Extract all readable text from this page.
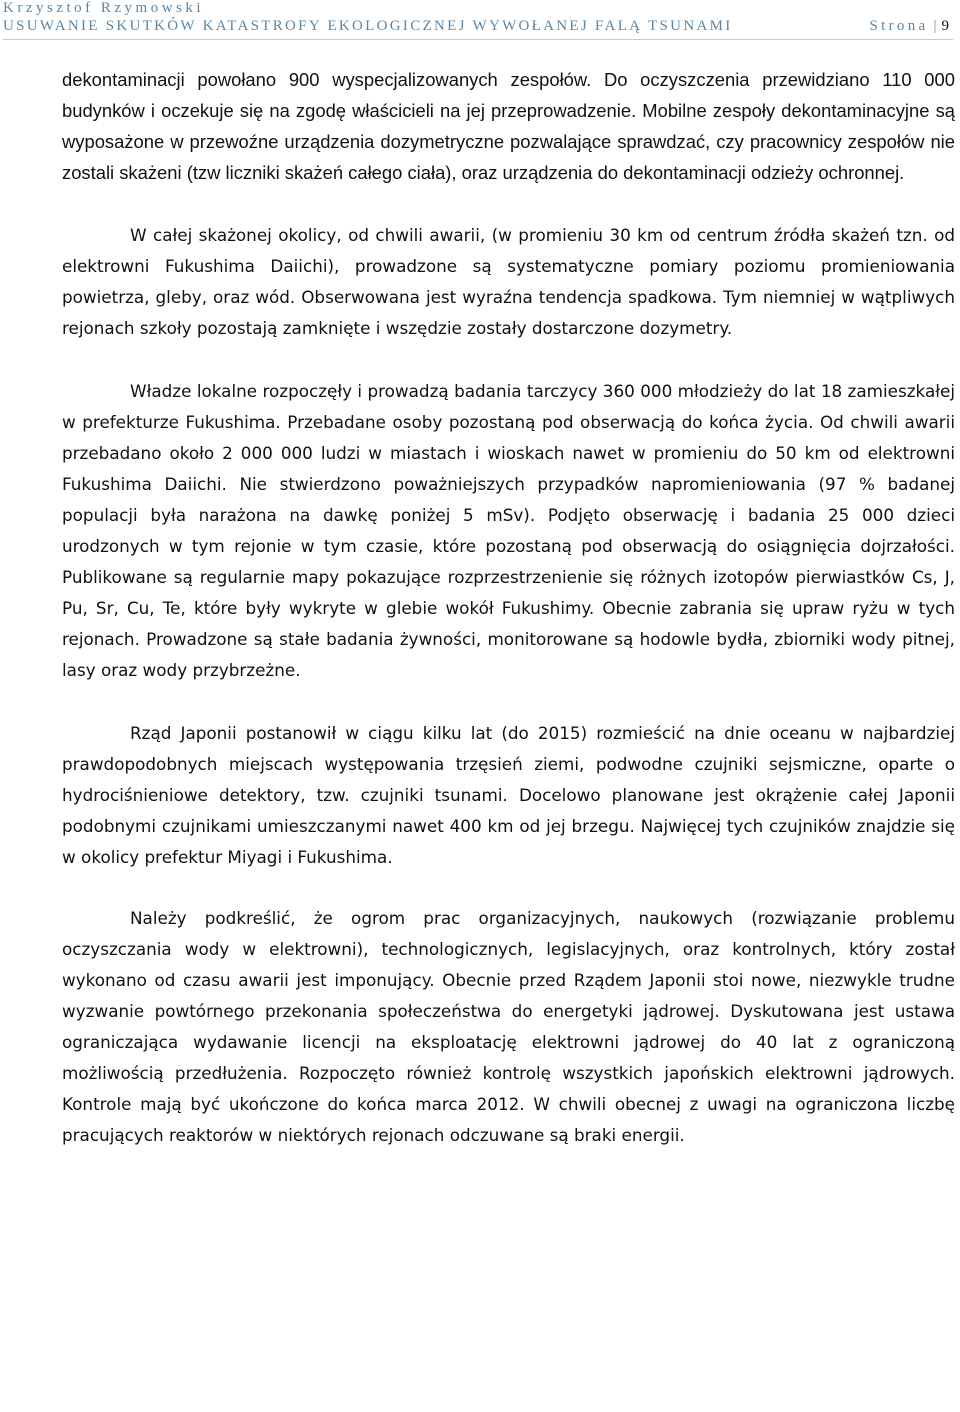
Krzysztof Rzymowski
USUWANIE SKUTKÓW KATASTROFY EKOLOGICZNEJ WYWOŁANEJ FALĄ TSUNAMI	Strona | 9

dekontaminacji powołano 900 wyspecjalizowanych zespołów. Do oczyszczenia przewidziano 110 000 budynków i oczekuje się na zgodę właścicieli na jej przeprowadzenie. Mobilne zespoły dekontaminacyjne są wyposażone w przewoźne urządzenia dozymetryczne pozwalające sprawdzać, czy pracownicy zespołów nie zostali skażeni (tzw liczniki skażeń całego ciała), oraz urządzenia do dekontaminacji odzieży ochronnej.

W całej skażonej okolicy, od chwili awarii, (w promieniu 30 km od centrum źródła skażeń tzn. od elektrowni Fukushima Daiichi), prowadzone są systematyczne pomiary poziomu promieniowania powietrza, gleby, oraz wód. Obserwowana jest wyraźna tendencja spadkowa. Tym niemniej w wątpliwych rejonach szkoły pozostają zamknięte i wszędzie zostały dostarczone dozymetry.

Władze lokalne rozpoczęły i prowadzą badania tarczycy 360 000 młodzieży do lat 18 zamieszkałej w prefekturze Fukushima. Przebadane osoby pozostaną pod obserwacją do końca życia. Od chwili awarii przebadano około 2 000 000 ludzi w miastach i wioskach nawet w promieniu do 50 km od elektrowni Fukushima Daiichi. Nie stwierdzono poważniejszych przypadków napromieniowania (97 % badanej populacji była narażona na dawkę poniżej 5 mSv). Podjęto obserwację i badania 25 000 dzieci urodzonych w tym rejonie w tym czasie, które pozostaną pod obserwacją do osiągnięcia dojrzałości. Publikowane są regularnie mapy pokazujące rozprzestrzenienie się różnych izotopów pierwiastków Cs, J, Pu, Sr, Cu, Te, które były wykryte w glebie wokół Fukushimy. Obecnie zabrania się upraw ryżu w tych rejonach. Prowadzone są stałe badania żywności, monitorowane są hodowle bydła, zbiorniki wody pitnej, lasy oraz wody przybrzeżne.

Rząd Japonii postanowił w ciągu kilku lat (do 2015) rozmieścić na dnie oceanu w najbardziej prawdopodobnych miejscach występowania trzęsień ziemi, podwodne czujniki sejsmiczne, oparte o hydrociśnieniowe detektory, tzw. czujniki tsunami. Docelowo planowane jest okrążenie całej Japonii podobnymi czujnikami umieszczanymi nawet 400 km od jej brzegu. Najwięcej tych czujników znajdzie się w okolicy prefektur Miyagi i Fukushima.

Należy podkreślić, że ogrom prac organizacyjnych, naukowych (rozwiązanie problemu oczyszczania wody w elektrowni), technologicznych, legislacyjnych, oraz kontrolnych, który został wykonano od czasu awarii jest imponujący. Obecnie przed Rządem Japonii stoi nowe, niezwykle trudne wyzwanie powtórnego przekonania społeczeństwa do energetyki jądrowej. Dyskutowana jest ustawa ograniczająca wydawanie licencji na eksploatację elektrowni jądrowej do 40 lat z ograniczoną możliwością przedłużenia. Rozpoczęto również kontrolę wszystkich japońskich elektrowni jądrowych. Kontrole mają być ukończone do końca marca 2012. W chwili obecnej z uwagi na ograniczona liczbę pracujących reaktorów w niektórych rejonach odczuwane są braki energii.
